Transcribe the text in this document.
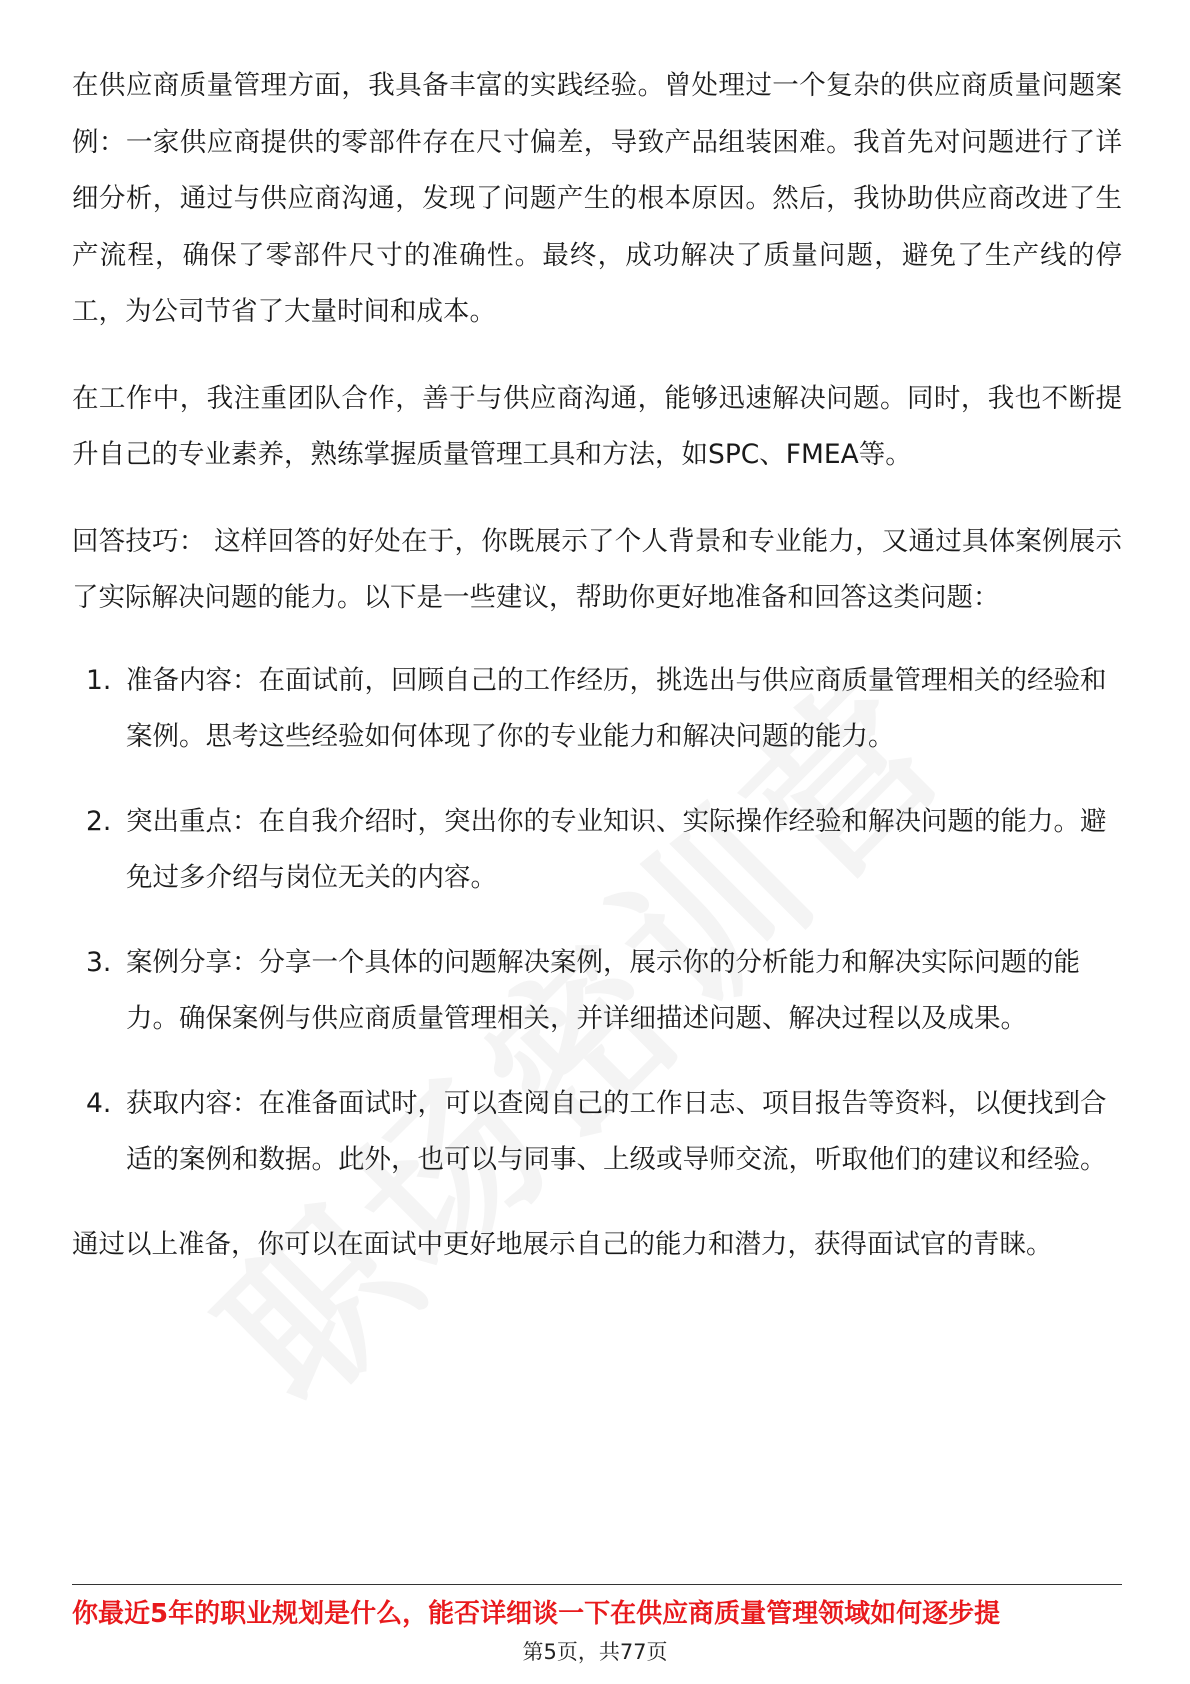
在供应商质量管理方面，我具备丰富的实践经验。曾处理过一个复杂的供应商质量问题案例：一家供应商提供的零部件存在尺寸偏差，导致产品组装困难。我首先对问题进行了详细分析，通过与供应商沟通，发现了问题产生的根本原因。然后，我协助供应商改进了生产流程，确保了零部件尺寸的准确性。最终，成功解决了质量问题，避免了生产线的停工，为公司节省了大量时间和成本。

在工作中，我注重团队合作，善于与供应商沟通，能够迅速解决问题。同时，我也不断提升自己的专业素养，熟练掌握质量管理工具和方法，如SPC、FMEA等。

回答技巧： 这样回答的好处在于，你既展示了个人背景和专业能力，又通过具体案例展示了实际解决问题的能力。以下是一些建议，帮助你更好地准备和回答这类问题：

1. 准备内容：在面试前，回顾自己的工作经历，挑选出与供应商质量管理相关的经验和案例。思考这些经验如何体现了你的专业能力和解决问题的能力。
2. 突出重点：在自我介绍时，突出你的专业知识、实际操作经验和解决问题的能力。避免过多介绍与岗位无关的内容。
3. 案例分享：分享一个具体的问题解决案例，展示你的分析能力和解决实际问题的能力。确保案例与供应商质量管理相关，并详细描述问题、解决过程以及成果。
4. 获取内容：在准备面试时，可以查阅自己的工作日志、项目报告等资料，以便找到合适的案例和数据。此外，也可以与同事、上级或导师交流，听取他们的建议和经验。

通过以上准备，你可以在面试中更好地展示自己的能力和潜力，获得面试官的青睐。

你最近5年的职业规划是什么，能否详细谈一下在供应商质量管理领域如何逐步提
第5页，共77页
